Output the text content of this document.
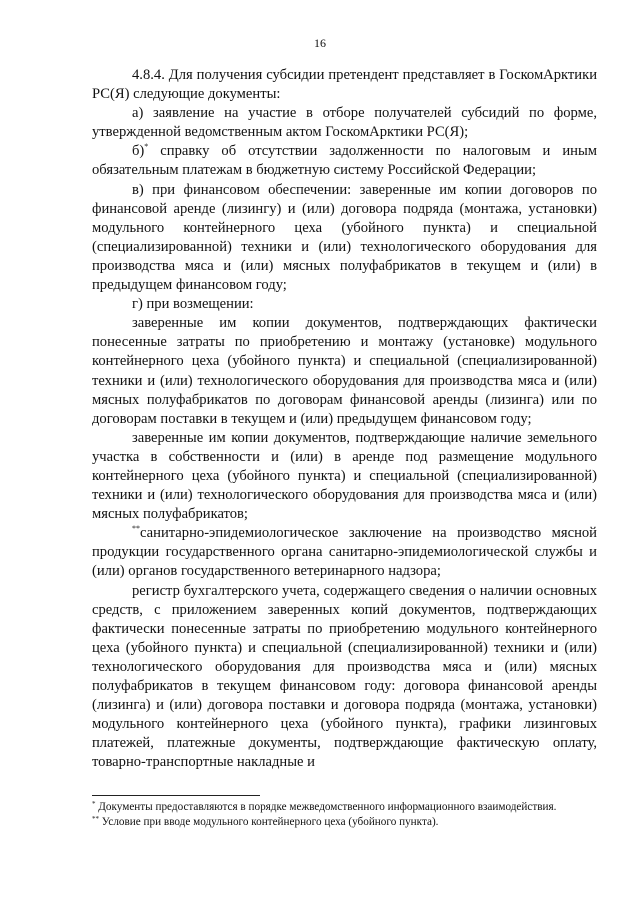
16

4.8.4. Для получения субсидии претендент представляет в ГоскомАрктики РС(Я) следующие документы:

а) заявление на участие в отборе получателей субсидий по форме, утвержденной ведомственным актом ГоскомАрктики РС(Я);

б)* справку об отсутствии задолженности по налоговым и иным обязательным платежам в бюджетную систему Российской Федерации;

в) при финансовом обеспечении: заверенные им копии договоров по финансовой аренде (лизингу) и (или) договора подряда (монтажа, установки) модульного контейнерного цеха (убойного пункта) и специальной (специализированной) техники и (или) технологического оборудования для производства мяса и (или) мясных полуфабрикатов в текущем и (или) в предыдущем финансовом году;

г) при возмещении:

заверенные им копии документов, подтверждающих фактически понесенные затраты по приобретению и монтажу (установке) модульного контейнерного цеха (убойного пункта) и специальной (специализированной) техники и (или) технологического оборудования для производства мяса и (или) мясных полуфабрикатов по договорам финансовой аренды (лизинга) или по договорам поставки в текущем и (или) предыдущем финансовом году;

заверенные им копии документов, подтверждающие наличие земельного участка в собственности и (или) в аренде под размещение модульного контейнерного цеха (убойного пункта) и специальной (специализированной) техники и (или) технологического оборудования для производства мяса и (или) мясных полуфабрикатов;

**санитарно-эпидемиологическое заключение на производство мясной продукции государственного органа санитарно-эпидемиологической службы и (или) органов государственного ветеринарного надзора;

регистр бухгалтерского учета, содержащего сведения о наличии основных средств, с приложением заверенных копий документов, подтверждающих фактически понесенные затраты по приобретению модульного контейнерного цеха (убойного пункта) и специальной (специализированной) техники и (или) технологического оборудования для производства мяса и (или) мясных полуфабрикатов в текущем финансовом году: договора финансовой аренды (лизинга) и (или) договора поставки и договора подряда (монтажа, установки) модульного контейнерного цеха (убойного пункта), графики лизинговых платежей, платежные документы, подтверждающие фактическую оплату, товарно-транспортные накладные и

* Документы предоставляются в порядке межведомственного информационного взаимодействия.

** Условие при вводе модульного контейнерного цеха (убойного пункта).
